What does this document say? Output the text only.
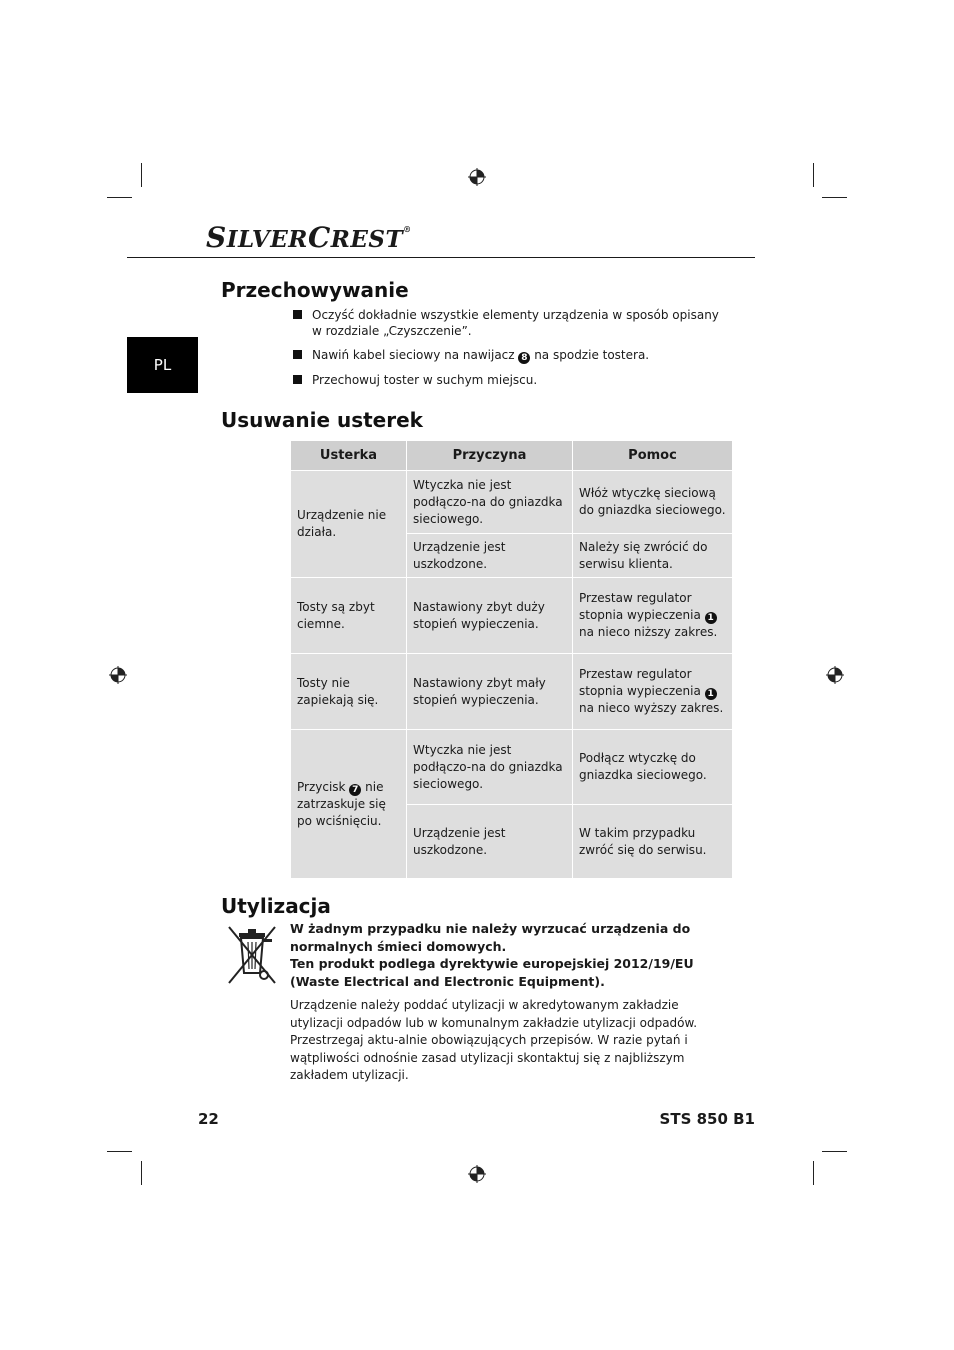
SILVERCREST®
PL
Przechowywanie
Oczyść dokładnie wszystkie elementy urządzenia w sposób opisany w rozdziale „Czyszczenie”.
Nawiń kabel sieciowy na nawijacz 8 na spodzie tostera.
Przechowuj toster w suchym miejscu.
Usuwanie usterek
Usterka	Przyczyna	Pomoc
Urządzenie nie działa.	Wtyczka nie jest podłączo-na do gniazdka sieciowego.	Włóż wtyczkę sieciową do gniazdka sieciowego.
	Urządzenie jest uszkodzone.	Należy się zwrócić do serwisu klienta.
Tosty są zbyt ciemne.	Nastawiony zbyt duży stopień wypieczenia.	Przestaw regulator stopnia wypieczenia 1 na nieco niższy zakres.
Tosty nie zapiekają się.	Nastawiony zbyt mały stopień wypieczenia.	Przestaw regulator stopnia wypieczenia 1 na nieco wyższy zakres.
Przycisk 7 nie zatrzaskuje się po wciśnięciu.	Wtyczka nie jest podłączo-na do gniazdka sieciowego.	Podłącz wtyczkę do gniazdka sieciowego.
	Urządzenie jest uszkodzone.	W takim przypadku zwróć się do serwisu.
Utylizacja
W żadnym przypadku nie należy wyrzucać urządzenia do normalnych śmieci domowych.
Ten produkt podlega dyrektywie europejskiej 2012/19/EU (Waste Electrical and Electronic Equipment).
Urządzenie należy poddać utylizacji w akredytowanym zakładzie utylizacji odpadów lub w komunalnym zakładzie utylizacji odpadów. Przestrzegaj aktu-alnie obowiązujących przepisów. W razie pytań i wątpliwości odnośnie zasad utylizacji skontaktuj się z najbliższym zakładem utylizacji.
22	STS 850 B1
